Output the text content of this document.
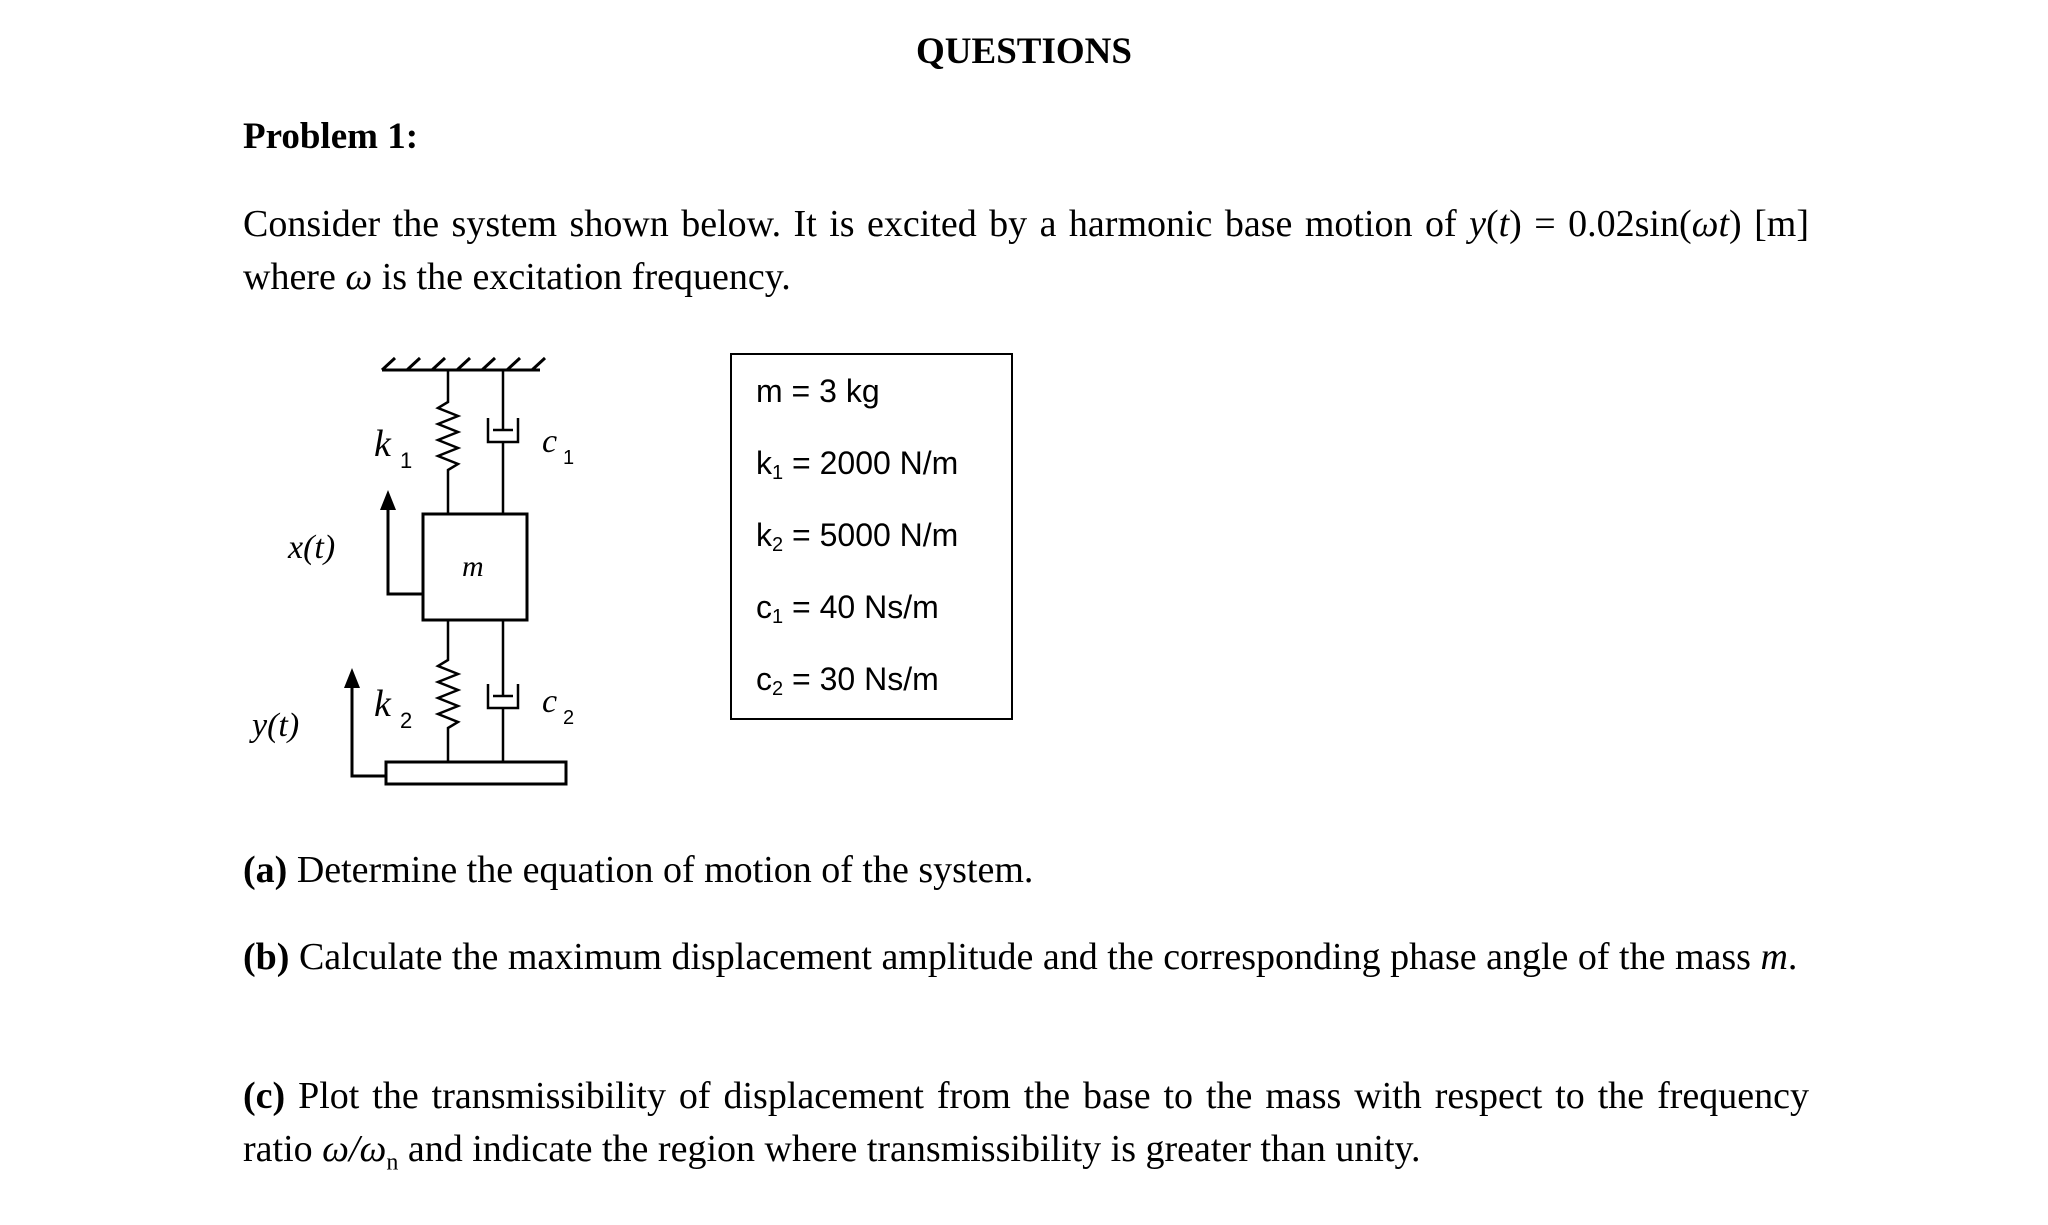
QUESTIONS
Problem 1:
Consider the system shown below. It is excited by a harmonic base motion of y(t) = 0.02sin(ωt) [m] where ω is the excitation frequency.
m
x(t)
y(t)
k 1
c 1
k 2
c 2
m = 3 kg
$k_1 = 2000$ N/m
$k_2 = 5000$ N/m
$c_1 = 40$ Ns/m
$c_2 = 30$ Ns/m
(a) Determine the equation of motion of the system.
(b) Calculate the maximum displacement amplitude and the corresponding phase angle of the mass m.
(c) Plot the transmissibility of displacement from the base to the mass with respect to the frequency ratio $\omega/\omega_n$ and indicate the region where transmissibility is greater than unity.
